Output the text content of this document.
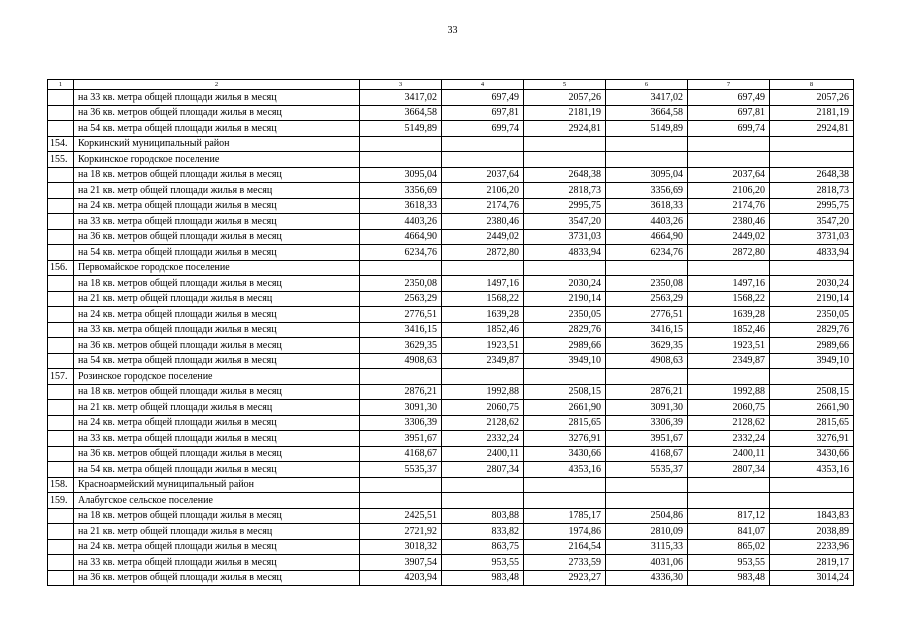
33
1	2	3	4	5	6	7	8
	на 33 кв. метра общей площади жилья в месяц	3417,02	697,49	2057,26	3417,02	697,49	2057,26
	на 36 кв. метров общей площади жилья в месяц	3664,58	697,81	2181,19	3664,58	697,81	2181,19
	на 54 кв. метра общей площади жилья в месяц	5149,89	699,74	2924,81	5149,89	699,74	2924,81
154.	Коркинский муниципальный район						
155.	Коркинское городское поселение						
	на 18 кв. метров общей площади жилья в месяц	3095,04	2037,64	2648,38	3095,04	2037,64	2648,38
	на 21 кв. метр общей площади жилья в месяц	3356,69	2106,20	2818,73	3356,69	2106,20	2818,73
	на 24 кв. метра общей площади жилья в месяц	3618,33	2174,76	2995,75	3618,33	2174,76	2995,75
	на 33 кв. метра общей площади жилья в месяц	4403,26	2380,46	3547,20	4403,26	2380,46	3547,20
	на 36 кв. метров общей площади жилья в месяц	4664,90	2449,02	3731,03	4664,90	2449,02	3731,03
	на 54 кв. метра общей площади жилья в месяц	6234,76	2872,80	4833,94	6234,76	2872,80	4833,94
156.	Первомайское городское поселение						
	на 18 кв. метров общей площади жилья в месяц	2350,08	1497,16	2030,24	2350,08	1497,16	2030,24
	на 21 кв. метр общей площади жилья в месяц	2563,29	1568,22	2190,14	2563,29	1568,22	2190,14
	на 24 кв. метра общей площади жилья в месяц	2776,51	1639,28	2350,05	2776,51	1639,28	2350,05
	на 33 кв. метра общей площади жилья в месяц	3416,15	1852,46	2829,76	3416,15	1852,46	2829,76
	на 36 кв. метров общей площади жилья в месяц	3629,35	1923,51	2989,66	3629,35	1923,51	2989,66
	на 54 кв. метра общей площади жилья в месяц	4908,63	2349,87	3949,10	4908,63	2349,87	3949,10
157.	Розинское городское поселение						
	на 18 кв. метров общей площади жилья в месяц	2876,21	1992,88	2508,15	2876,21	1992,88	2508,15
	на 21 кв. метр общей площади жилья в месяц	3091,30	2060,75	2661,90	3091,30	2060,75	2661,90
	на 24 кв. метра общей площади жилья в месяц	3306,39	2128,62	2815,65	3306,39	2128,62	2815,65
	на 33 кв. метра общей площади жилья в месяц	3951,67	2332,24	3276,91	3951,67	2332,24	3276,91
	на 36 кв. метров общей площади жилья в месяц	4168,67	2400,11	3430,66	4168,67	2400,11	3430,66
	на 54 кв. метра общей площади жилья в месяц	5535,37	2807,34	4353,16	5535,37	2807,34	4353,16
158.	Красноармейский муниципальный район						
159.	Алабугское сельское поселение						
	на 18 кв. метров общей площади жилья в месяц	2425,51	803,88	1785,17	2504,86	817,12	1843,83
	на 21 кв. метр общей площади жилья в месяц	2721,92	833,82	1974,86	2810,09	841,07	2038,89
	на 24 кв. метра общей площади жилья в месяц	3018,32	863,75	2164,54	3115,33	865,02	2233,96
	на 33 кв. метра общей площади жилья в месяц	3907,54	953,55	2733,59	4031,06	953,55	2819,17
	на 36 кв. метров общей площади жилья в месяц	4203,94	983,48	2923,27	4336,30	983,48	3014,24
